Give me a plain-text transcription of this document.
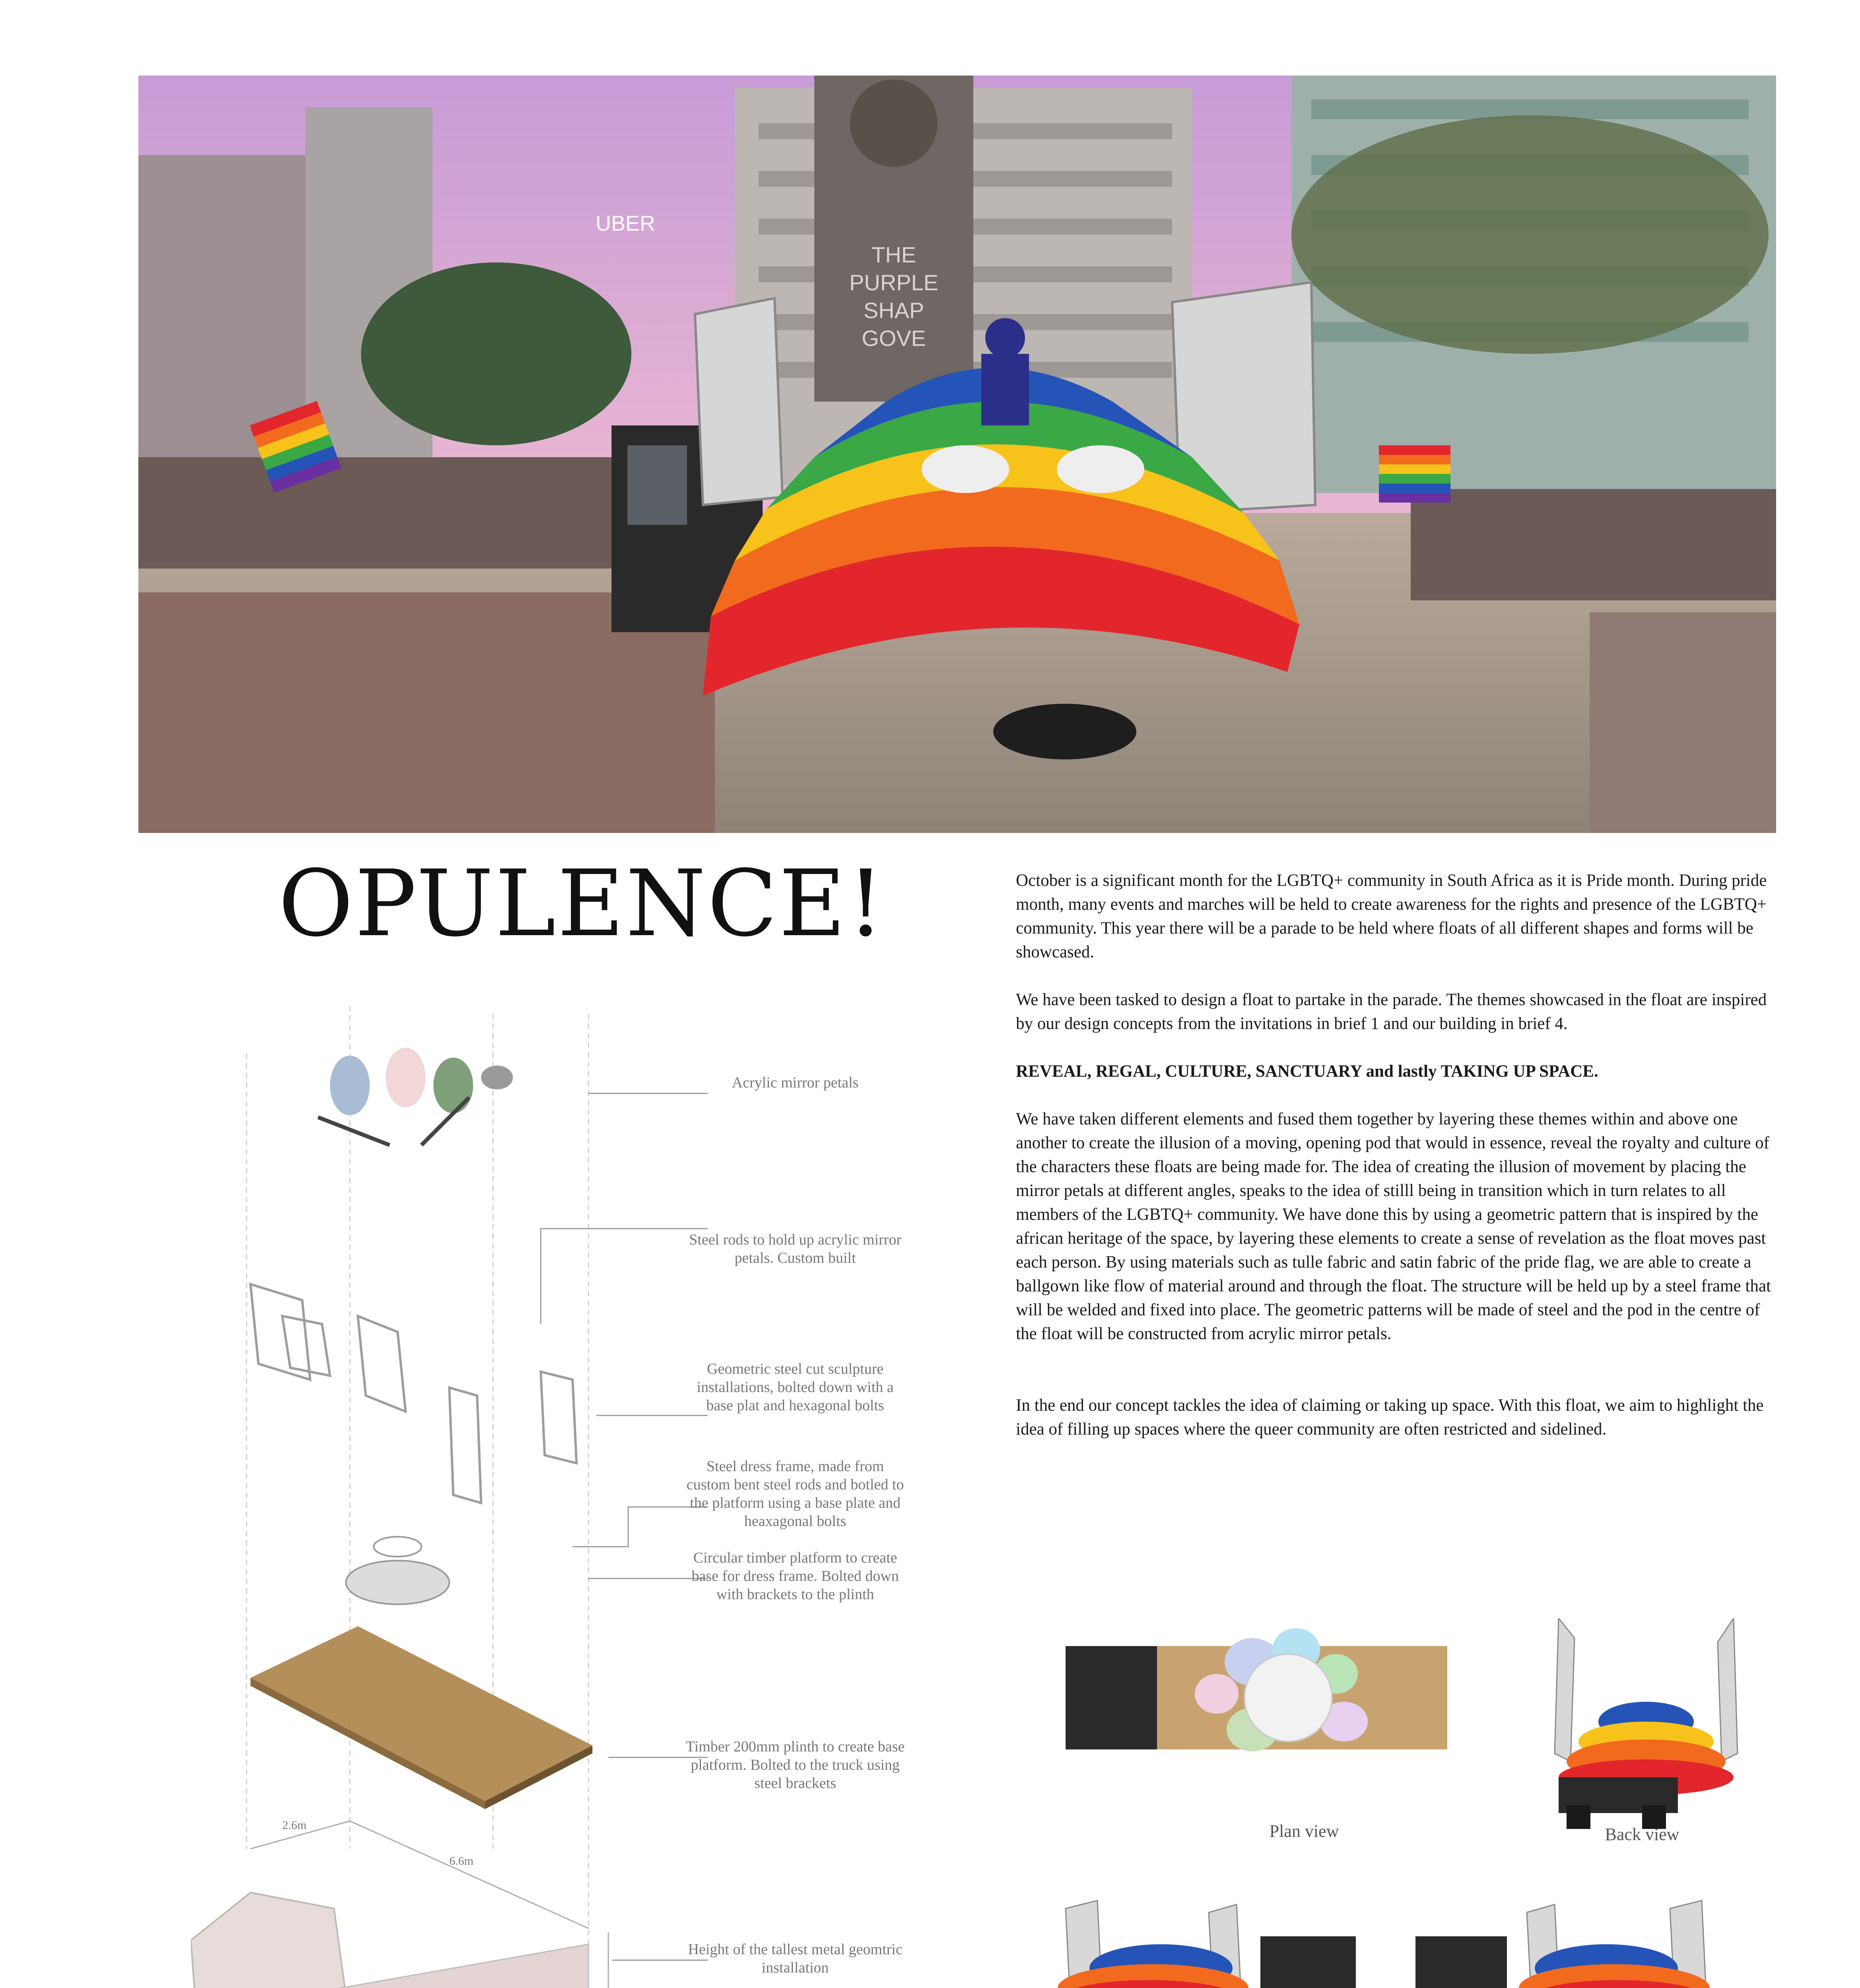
THE
PURPLE
SHAP
GOVE
UBER
OPULENCE!	October is a significant month for the LGBTQ+ community in South Africa as it is Pride month. During pride month, many events and marches will be held to create awareness for the rights and presence of the LGBTQ+ community. This year there will be a parade to be held where floats of all different shapes and forms will be showcased.

We have been tasked to design a float to partake in the parade. The themes showcased in the float are inspired by our design concepts from the invitations in brief 1 and our building in brief 4.

REVEAL, REGAL, CULTURE, SANCTUARY and lastly TAKING UP SPACE.

We have taken different elements and fused them together by layering these themes within and above one another to create the illusion of a moving, opening pod that would in essence, reveal the royalty and culture of the characters these floats are being made for. The idea of creating the illusion of movement by placing the mirror petals at different angles, speaks to the idea of stilll being in transition which in turn relates to all members of the LGBTQ+ community. We have done this by using a geometric pattern that is inspired by the african heritage of the space, by layering these elements to create a sense of revelation as the float moves past each person. By using materials such as tulle fabric and satin fabric of the pride flag, we are able to create a ballgown like flow of material around and through the float. The structure will be held up by a steel frame that will be welded and fixed into place. The geometric patterns will be made of steel and the pod in the centre of the float will be constructed from acrylic mirror petals.

In the end our concept tackles the idea of claiming or taking up space. With this float, we aim to highlight the idea of filling up spaces where the queer community are often restricted and sidelined.

2.6m
6.6m
Acrylic mirror petals
Steel rods to hold up acrylic mirror petals. Custom built
Geometric steel cut sculpture installations, bolted down with a base plat and hexagonal bolts
Steel dress frame, made from custom bent steel rods and botled to the platform using a base plate and heaxagonal bolts
Circular timber platform to create base for dress frame. Bolted down with brackets to the plinth
Timber 200mm plinth to create base platform. Bolted to the truck using steel brackets
Height of the tallest metal geomtric installation
Plan view	Back view
